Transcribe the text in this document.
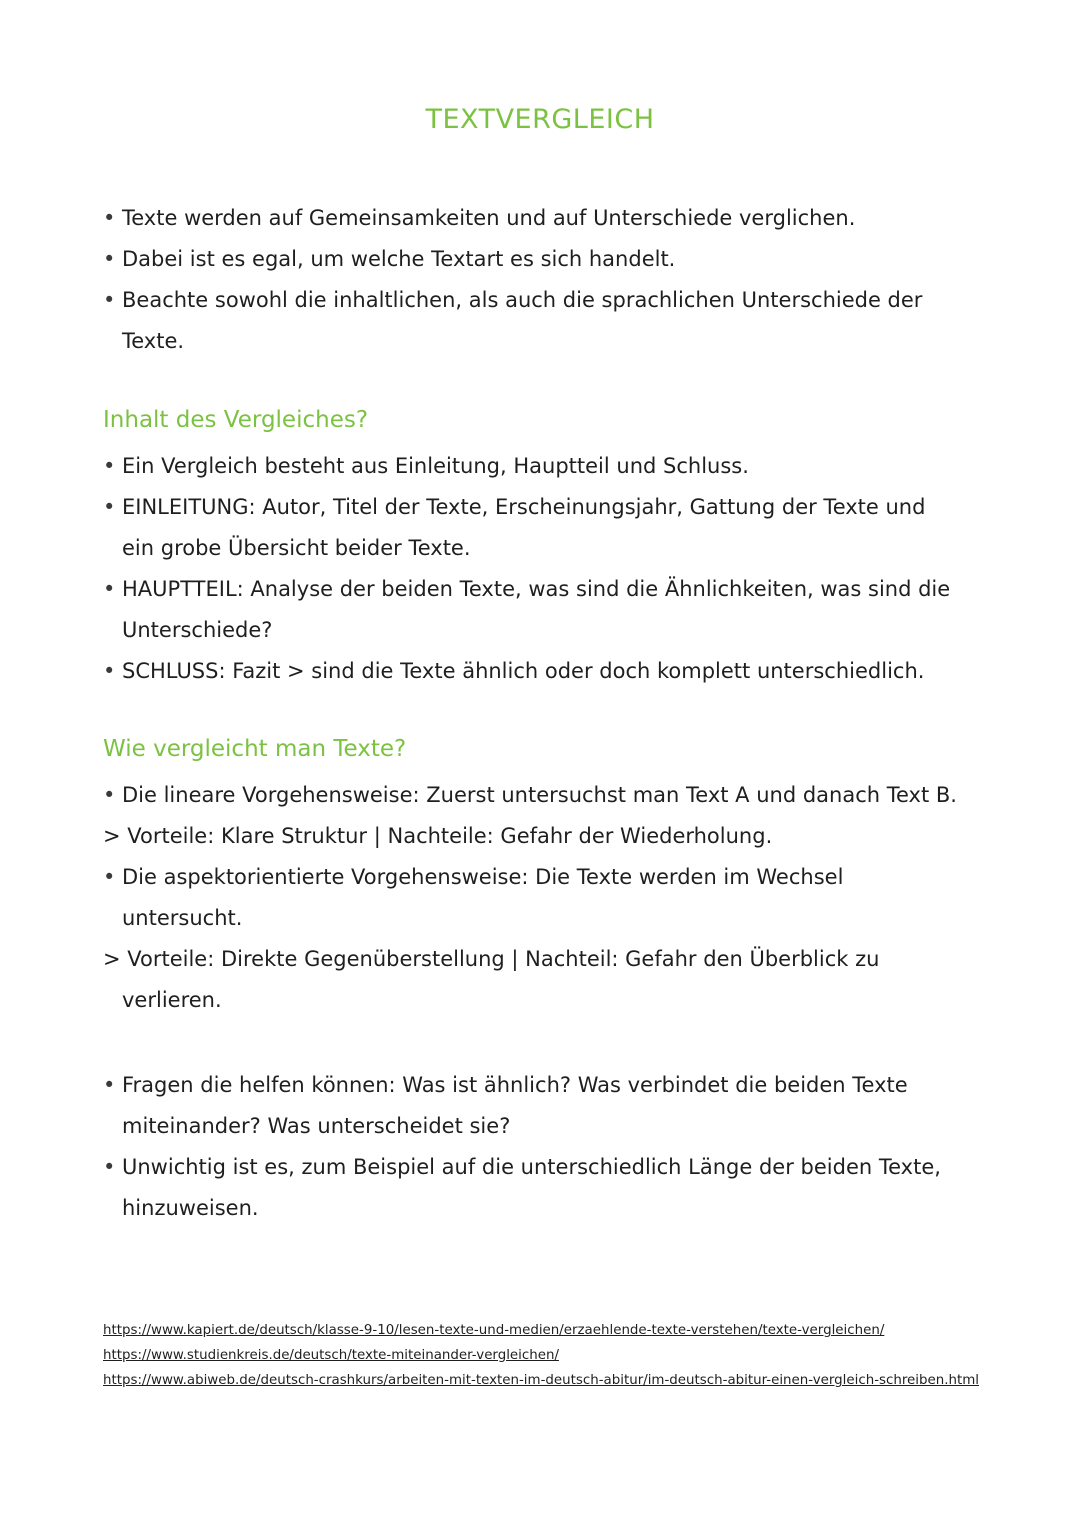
TEXTVERGLEICH
• Texte werden auf Gemeinsamkeiten und auf Unterschiede verglichen.
• Dabei ist es egal, um welche Textart es sich handelt.
• Beachte sowohl die inhaltlichen, als auch die sprachlichen Unterschiede der
Texte.
Inhalt des Vergleiches?
• Ein Vergleich besteht aus Einleitung, Hauptteil und Schluss.
• EINLEITUNG: Autor, Titel der Texte, Erscheinungsjahr, Gattung der Texte und
ein grobe Übersicht beider Texte.
• HAUPTTEIL: Analyse der beiden Texte, was sind die Ähnlichkeiten, was sind die
Unterschiede?
• SCHLUSS: Fazit > sind die Texte ähnlich oder doch komplett unterschiedlich.
Wie vergleicht man Texte?
• Die lineare Vorgehensweise: Zuerst untersuchst man Text A und danach Text B.
> Vorteile: Klare Struktur | Nachteile: Gefahr der Wiederholung.
• Die aspektorientierte Vorgehensweise: Die Texte werden im Wechsel
untersucht.
> Vorteile: Direkte Gegenüberstellung | Nachteil: Gefahr den Überblick zu
verlieren.
• Fragen die helfen können: Was ist ähnlich? Was verbindet die beiden Texte
miteinander? Was unterscheidet sie?
• Unwichtig ist es, zum Beispiel auf die unterschiedlich Länge der beiden Texte,
hinzuweisen.
https://www.kapiert.de/deutsch/klasse-9-10/lesen-texte-und-medien/erzaehlende-texte-verstehen/texte-vergleichen/
https://www.studienkreis.de/deutsch/texte-miteinander-vergleichen/
https://www.abiweb.de/deutsch-crashkurs/arbeiten-mit-texten-im-deutsch-abitur/im-deutsch-abitur-einen-vergleich-schreiben.html
